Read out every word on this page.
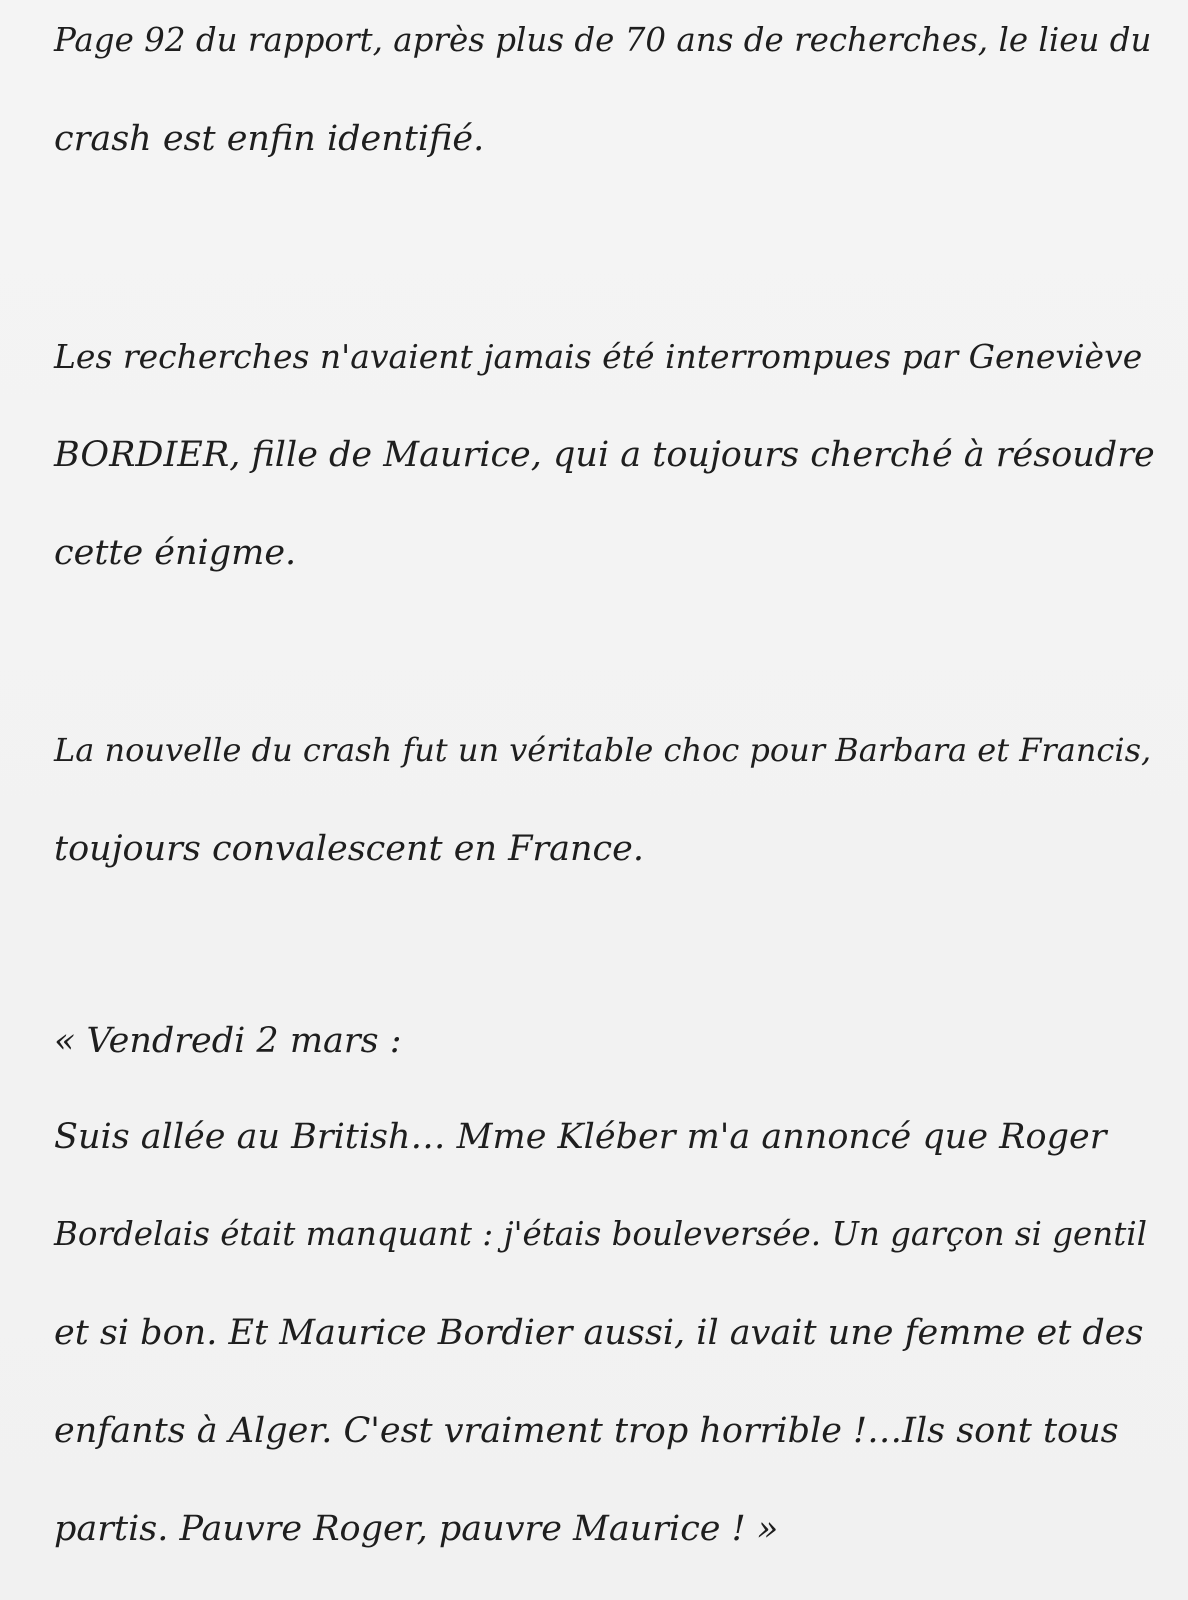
Page 92 du rapport, après plus de 70 ans de recherches, le lieu du
crash est enfin identifié.
Les recherches n'avaient jamais été interrompues par Geneviève
BORDIER, fille de Maurice, qui a toujours cherché à résoudre
cette énigme.
La nouvelle du crash fut un véritable choc pour Barbara et Francis,
toujours convalescent en France.
« Vendredi 2 mars :
Suis allée au British… Mme Kléber m'a annoncé que Roger
Bordelais était manquant : j'étais bouleversée. Un garçon si gentil
et si bon. Et Maurice Bordier aussi, il avait une femme et des
enfants à Alger. C'est vraiment trop horrible !…Ils sont tous
partis. Pauvre Roger, pauvre Maurice ! »
